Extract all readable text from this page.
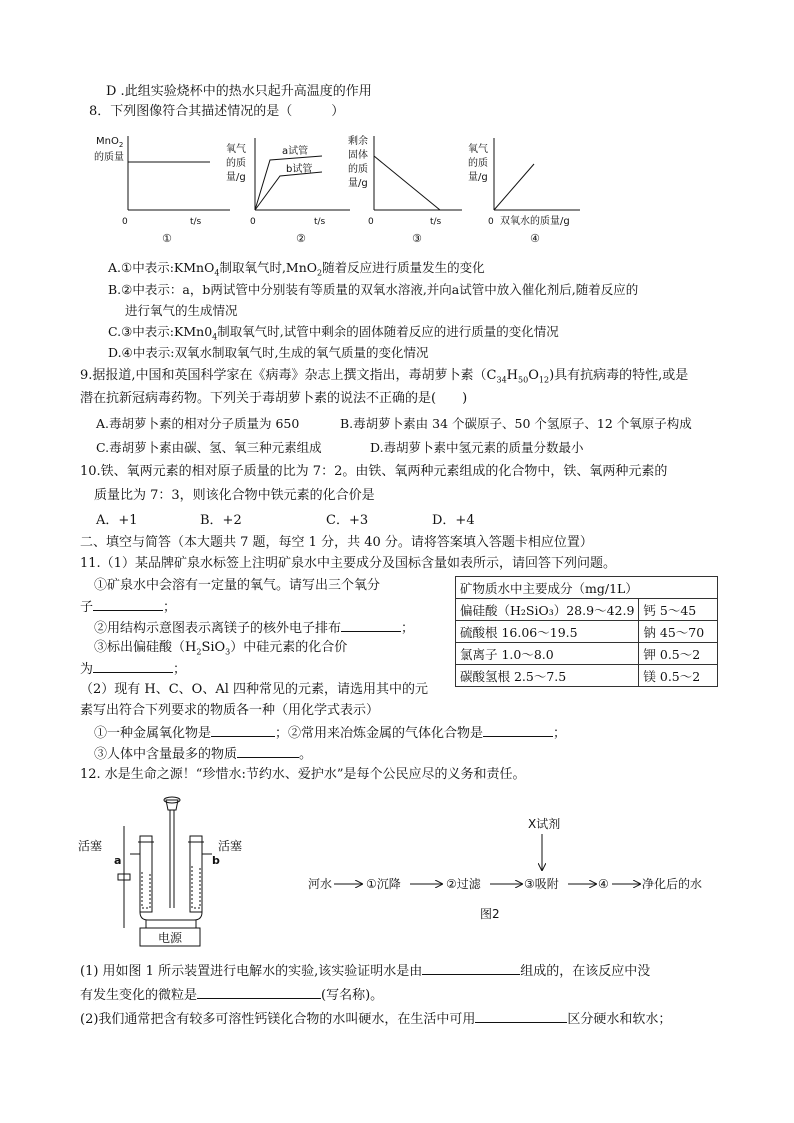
D .此组实验烧杯中的热水只起升高温度的作用
8．下列图像符合其描述情况的是（　　　）
MnO$_2$
的质量
0	t/s
①
氧气
的质
量/g
a试管
b试管
0	t/s
②
剩余
固体
的质
量/g
0	t/s
③
氧气
的质
量/g
0 双氧水的质量/g
④
A.①中表示:KMnO$_4$制取氧气时,MnO$_2$随着反应进行质量发生的变化
B.②中表示：a，b两试管中分别装有等质量的双氧水溶液,并向a试管中放入催化剂后,随着反应的
进行氧气的生成情况
C.③中表示$:KMn0_4$制取氧气时,试管中剩余的固体随着反应的进行质量的变化情况
D.④中表示:双氧水制取氧气时,生成的氧气质量的变化情况
9.据报道,中国和英国科学家在《病毒》杂志上撰文指出，毒胡萝卜素$(C_{34}H_{50}O_{12})$具有抗病毒的特性,或是
潜在抗新冠病毒药物。下列关于毒胡萝卜素的说法不正确的是(　　)
A.毒胡萝卜素的相对分子质量为 650	B.毒胡萝卜素由 34 个碳原子、50 个氢原子、12 个氧原子构成
C.毒胡萝卜素由碳、氢、氧三种元素组成	D.毒胡萝卜素中氢元素的质量分数最小
10.铁、氧两元素的相对原子质量的比为 7：2。由铁、氧两种元素组成的化合物中，铁、氧两种元素的
质量比为 7：3，则该化合物中铁元素的化合价是
A．+1	B．+2	C．+3	D．+4
二、填空与简答（本大题共 7 题，每空 1 分，共 40 分。请将答案填入答题卡相应位置）
11.（1）某品牌矿泉水标签上注明矿泉水中主要成分及国标含量如表所示，请回答下列问题。
①矿泉水中会溶有一定量的氧气。请写出三个氧分
子	；
②用结构示意图表示离镁子的核外电子排布	；
③标出偏硅酸$(H_2SiO_3)$中硅元素的化合价
为	；
矿物质水中主要成分（mg/1L）	
偏硅酸（H₂SiO₃）28.9～42.9	钙 5～45
硫酸根 16.06～19.5	钠 45～70
氯离子 1.0～8.0	钾 0.5～2
碳酸氢根 2.5～7.5	镁 0.5～2
（2）现有 H、C、O、Al 四种常见的元素，请选用其中的元
素写出符合下列要求的物质各一种（用化学式表示）
①一种金属氧化物是	；②常用来冶炼金属的气体化合物是	；
③人体中含量最多的物质	。
12. 水是生命之源！“珍惜水:节约水、爱护水”是每个公民应尽的义务和责任。
活塞	活塞
a	b
电源
X试剂
河水	①沉降	②过滤	③吸附	④	净化后的水
图2
(1) 用如图 1 所示装置进行电解水的实验,该实验证明水是由	组成的，在该反应中没
有发生变化的微粒是	(写名称)。
(2)我们通常把含有较多可溶性钙镁化合物的水叫硬水，在生活中可用	区分硬水和软水；
